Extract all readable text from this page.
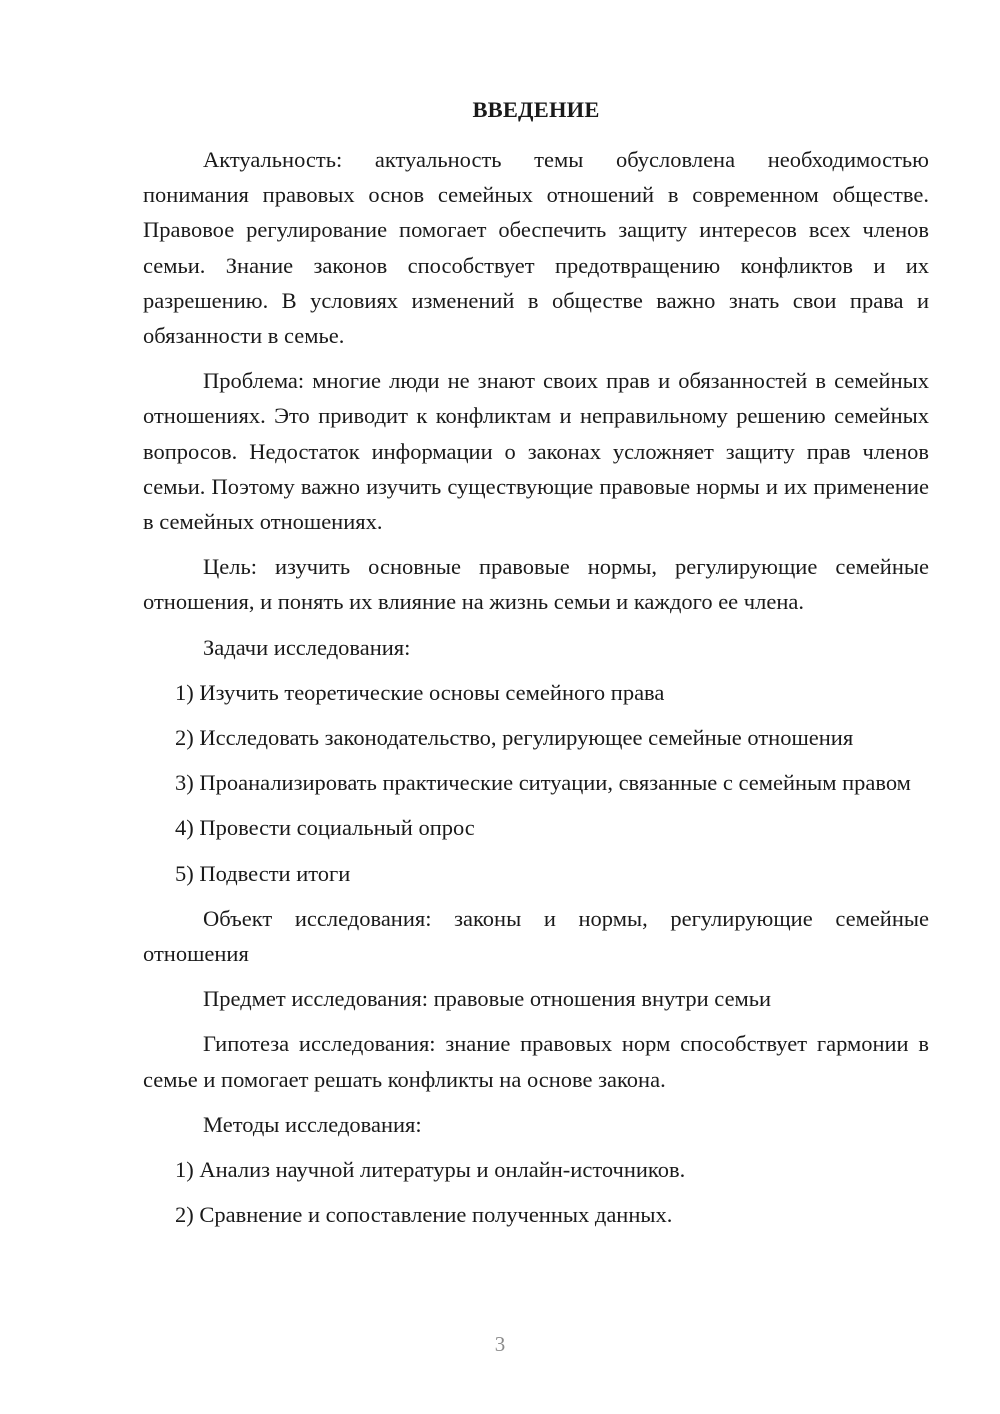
ВВЕДЕНИЕ

Актуальность: актуальность темы обусловлена необходимостью понимания правовых основ семейных отношений в современном обществе. Правовое регулирование помогает обеспечить защиту интересов всех членов семьи. Знание законов способствует предотвращению конфликтов и их разрешению. В условиях изменений в обществе важно знать свои права и обязанности в семье.

Проблема: многие люди не знают своих прав и обязанностей в семейных отношениях. Это приводит к конфликтам и неправильному решению семейных вопросов. Недостаток информации о законах усложняет защиту прав членов семьи. Поэтому важно изучить существующие правовые нормы и их применение в семейных отношениях.

Цель: изучить основные правовые нормы, регулирующие семейные отношения, и понять их влияние на жизнь семьи и каждого ее члена.

Задачи исследования:

1) Изучить теоретические основы семейного права

2) Исследовать законодательство, регулирующее семейные отношения

3) Проанализировать практические ситуации, связанные с семейным правом

4) Провести социальный опрос

5) Подвести итоги

Объект исследования: законы и нормы, регулирующие семейные отношения

Предмет исследования: правовые отношения внутри семьи

Гипотеза исследования: знание правовых норм способствует гармонии в семье и помогает решать конфликты на основе закона.

Методы исследования:

1) Анализ научной литературы и онлайн-источников.

2) Сравнение и сопоставление полученных данных.

3
